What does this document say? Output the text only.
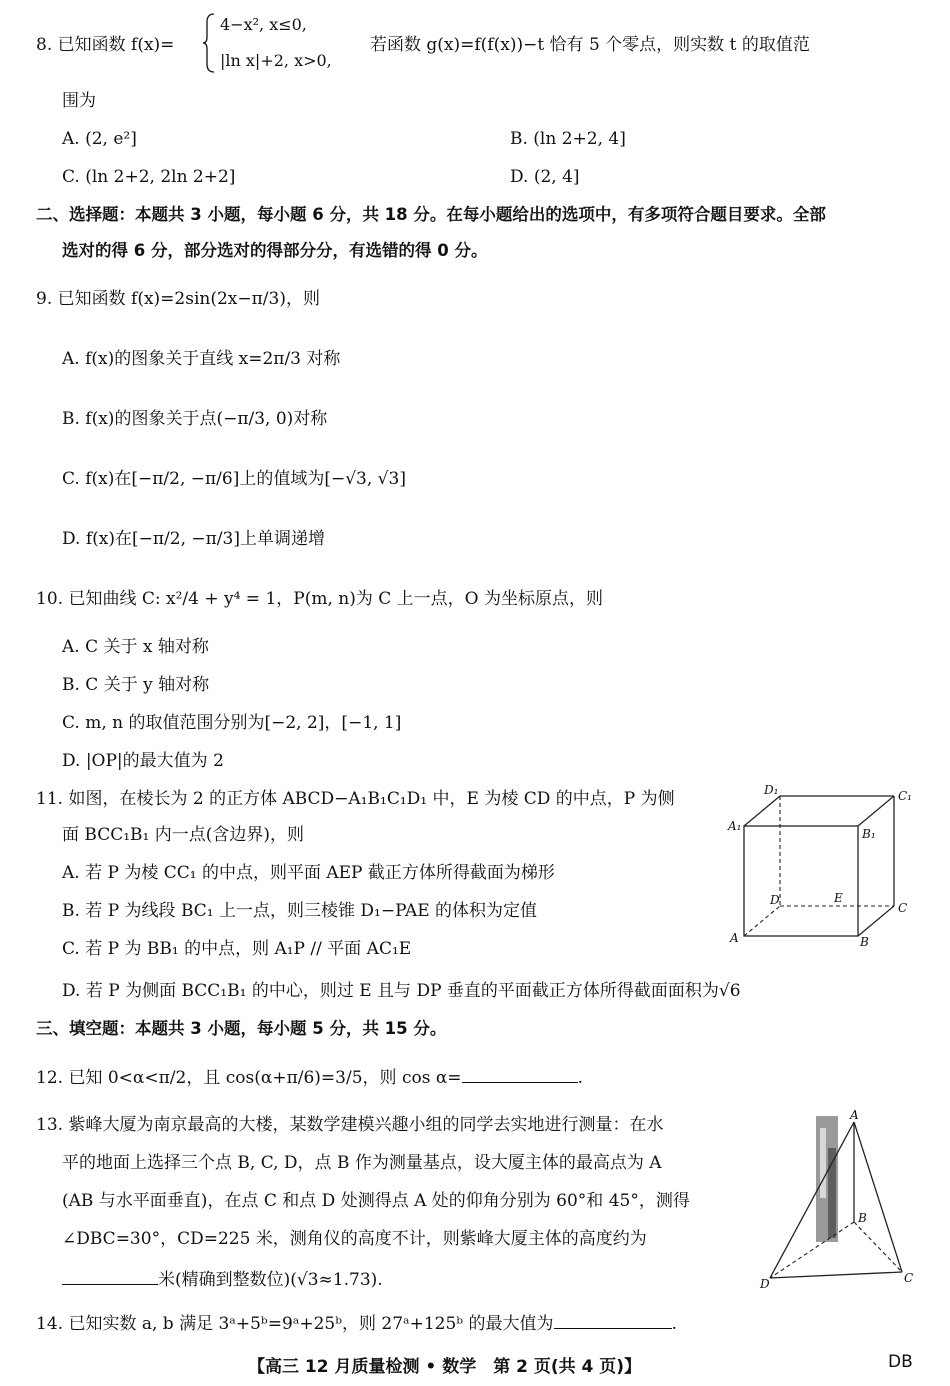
8. 已知函数 f(x)=
4−x², x≤0,
|ln x|+2, x>0,
若函数 g(x)=f(f(x))−t 恰有 5 个零点，则实数 t 的取值范
围为
A. (2, e²]	B. (ln 2+2, 4]
C. (ln 2+2, 2ln 2+2]	D. (2, 4]
二、选择题：本题共 3 小题，每小题 6 分，共 18 分。在每小题给出的选项中，有多项符合题目要求。全部
选对的得 6 分，部分选对的得部分分，有选错的得 0 分。
9. 已知函数 f(x)=2sin(2x−π/3)，则
A. f(x)的图象关于直线 x=2π/3 对称
B. f(x)的图象关于点(−π/3, 0)对称
C. f(x)在[−π/2, −π/6]上的值域为[−√3, √3]
D. f(x)在[−π/2, −π/3]上单调递增
10. 已知曲线 C: x²/4 + y⁴ = 1，P(m, n)为 C 上一点，O 为坐标原点，则
A. C 关于 x 轴对称
B. C 关于 y 轴对称
C. m, n 的取值范围分别为[−2, 2]，[−1, 1]
D. |OP|的最大值为 2
11. 如图，在棱长为 2 的正方体 ABCD−A₁B₁C₁D₁ 中，E 为棱 CD 的中点，P 为侧
面 BCC₁B₁ 内一点(含边界)，则
A. 若 P 为棱 CC₁ 的中点，则平面 AEP 截正方体所得截面为梯形
B. 若 P 为线段 BC₁ 上一点，则三棱锥 D₁−PAE 的体积为定值
C. 若 P 为 BB₁ 的中点，则 A₁P // 平面 AC₁E
D. 若 P 为侧面 BCC₁B₁ 的中心，则过 E 且与 DP 垂直的平面截正方体所得截面面积为√6
D₁	C₁
A₁
B₁
D	E
C
A	B
三、填空题：本题共 3 小题，每小题 5 分，共 15 分。
12. 已知 0<α<π/2，且 cos(α+π/6)=3/5，则 cos α=	.
13. 紫峰大厦为南京最高的大楼，某数学建模兴趣小组的同学去实地进行测量：在水
平的地面上选择三个点 B, C, D，点 B 作为测量基点，设大厦主体的最高点为 A
(AB 与水平面垂直)，在点 C 和点 D 处测得点 A 处的仰角分别为 60°和 45°，测得
∠DBC=30°，CD=225 米，测角仪的高度不计，则紫峰大厦主体的高度约为
米(精确到整数位)(√3≈1.73).
A
B
C
D
14. 已知实数 a, b 满足 3ᵃ+5ᵇ=9ᵃ+25ᵇ，则 27ᵃ+125ᵇ 的最大值为	.
【高三 12 月质量检测 • 数学　第 2 页(共 4 页)】	DB
